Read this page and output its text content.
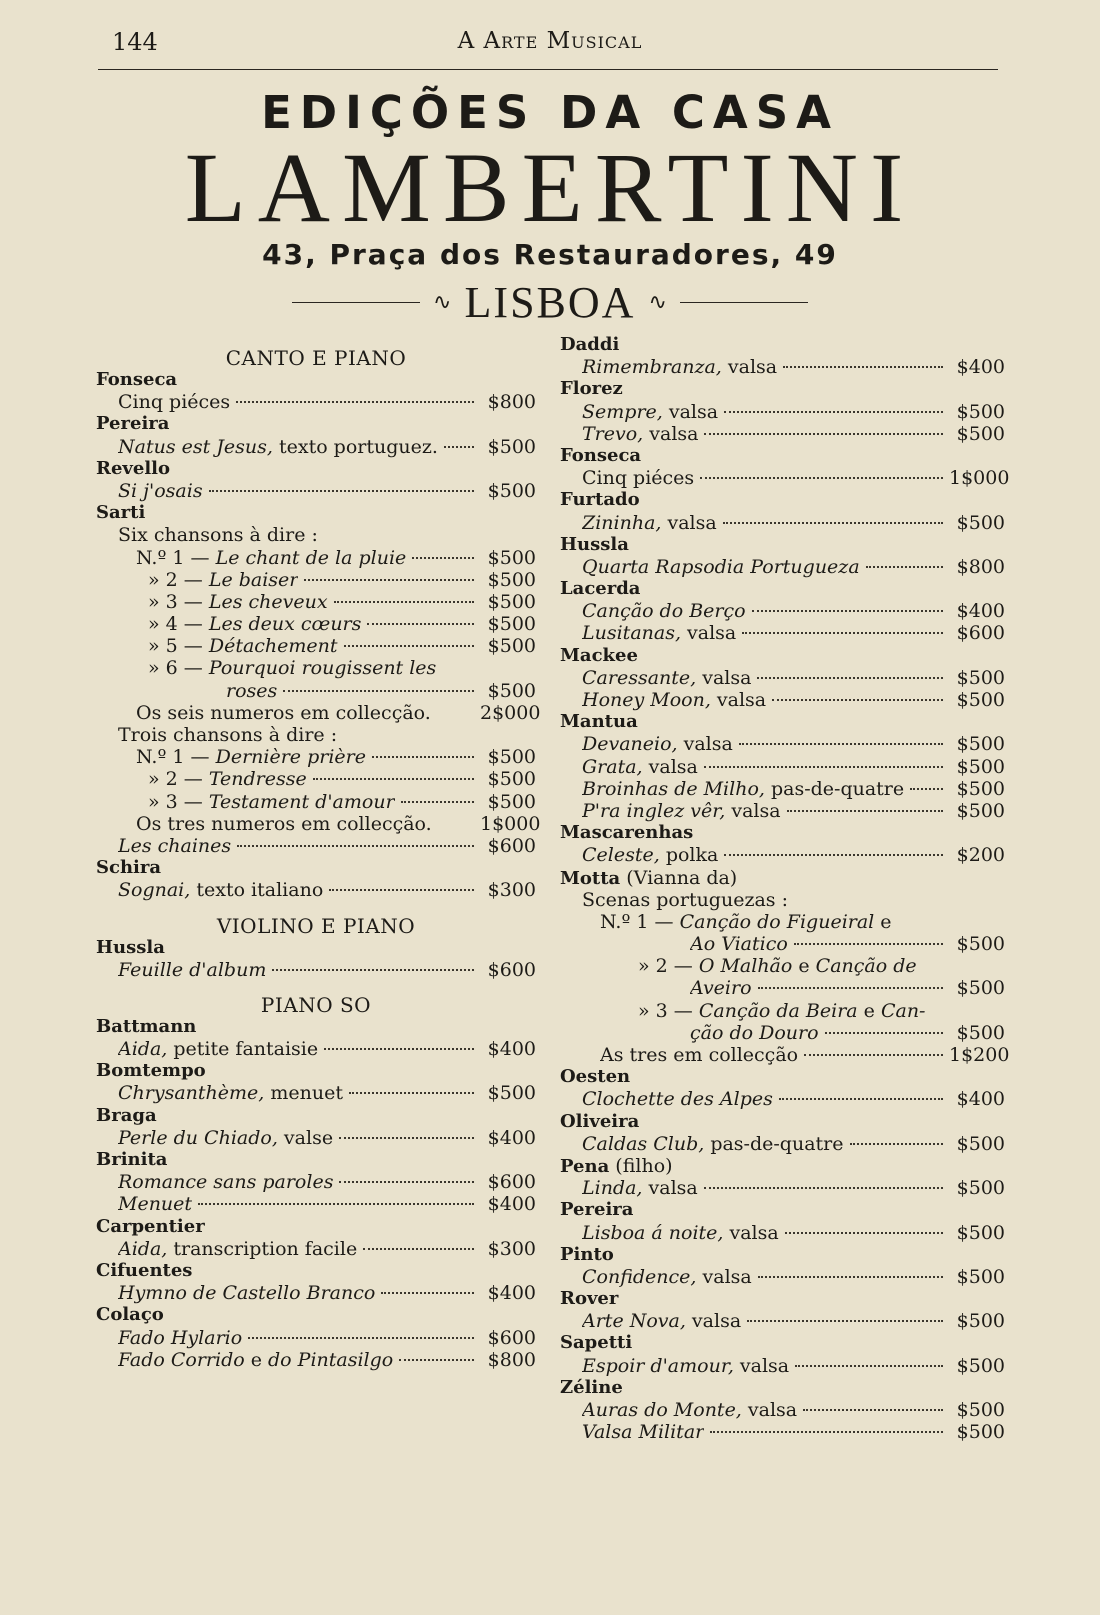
144	A Arte Musical
EDIÇÕES DA CASA
LAMBERTINI
43, Praça dos Restauradores, 49
∿ LISBOA ∿
CANTO E PIANO
Fonseca
Cinq piéces	$800
Pereira
Natus est Jesus, texto portuguez.	$500
Revello
Si j'osais	$500
Sarti
Six chansons à dire :
N.º 1 — Le chant de la pluie	$500
» 2 — Le baiser	$500
» 3 — Les cheveux	$500
» 4 — Les deux cœurs	$500
» 5 — Détachement	$500
» 6 — Pourquoi rougissent les
roses	$500
Os seis numeros em collecção.	2$000
Trois chansons à dire :
N.º 1 — Dernière prière	$500
» 2 — Tendresse	$500
» 3 — Testament d'amour	$500
Os tres numeros em collecção.	1$000
Les chaines	$600
Schira
Sognai, texto italiano	$300
VIOLINO E PIANO
Hussla
Feuille d'album	$600
PIANO SO
Battmann
Aida, petite fantaisie	$400
Bomtempo
Chrysanthème, menuet	$500
Braga
Perle du Chiado, valse	$400
Brinita
Romance sans paroles	$600
Menuet	$400
Carpentier
Aida, transcription facile	$300
Cifuentes
Hymno de Castello Branco	$400
Colaço
Fado Hylario	$600
Fado Corrido e do Pintasilgo	$800
Daddi
Rimembranza, valsa	$400
Florez
Sempre, valsa	$500
Trevo, valsa	$500
Fonseca
Cinq piéces	1$000
Furtado
Zininha, valsa	$500
Hussla
Quarta Rapsodia Portugueza	$800
Lacerda
Canção do Berço	$400
Lusitanas, valsa	$600
Mackee
Caressante, valsa	$500
Honey Moon, valsa	$500
Mantua
Devaneio, valsa	$500
Grata, valsa	$500
Broinhas de Milho, pas-de-quatre	$500
P'ra inglez vêr, valsa	$500
Mascarenhas
Celeste, polka	$200
Motta (Vianna da)
Scenas portuguezas :
N.º 1 — Canção do Figueiral e
Ao Viatico	$500
» 2 — O Malhão e Canção de
Aveiro	$500
» 3 — Canção da Beira e Can-
ção do Douro	$500
As tres em collecção	1$200
Oesten
Clochette des Alpes	$400
Oliveira
Caldas Club, pas-de-quatre	$500
Pena (filho)
Linda, valsa	$500
Pereira
Lisboa á noite, valsa	$500
Pinto
Confidence, valsa	$500
Rover
Arte Nova, valsa	$500
Sapetti
Espoir d'amour, valsa	$500
Zéline
Auras do Monte, valsa	$500
Valsa Militar	$500
